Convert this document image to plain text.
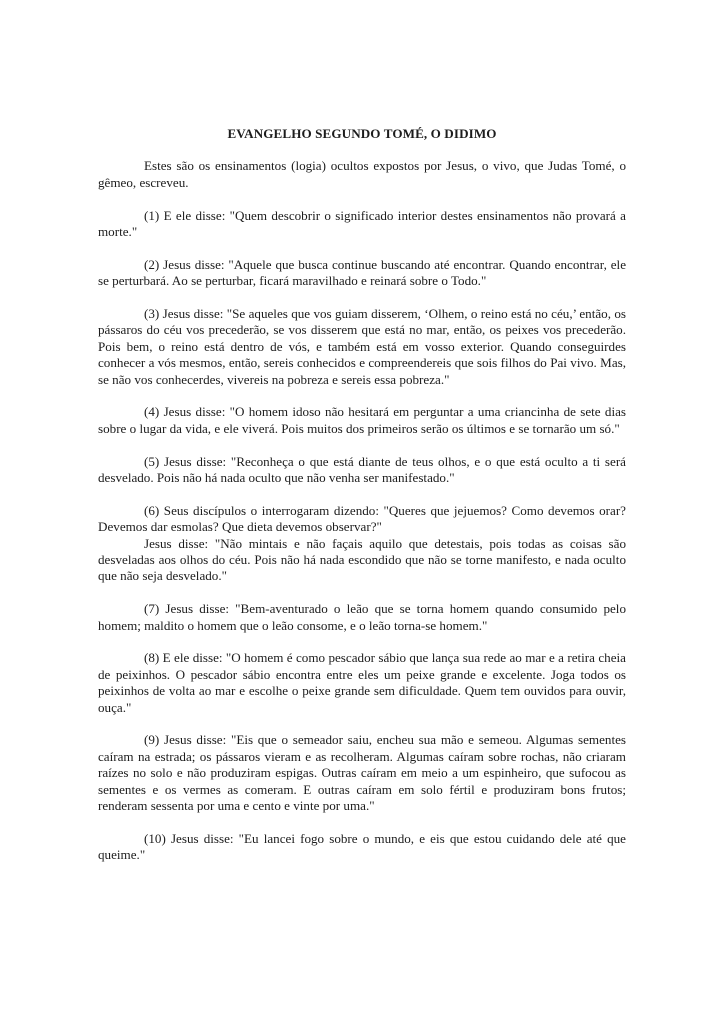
EVANGELHO SEGUNDO TOMÉ, O DIDIMO

Estes são os ensinamentos (logia) ocultos expostos por Jesus, o vivo, que Judas Tomé, o gêmeo, escreveu.

(1) E ele disse: "Quem descobrir o significado interior destes ensinamentos não provará a morte."

(2) Jesus disse: "Aquele que busca continue buscando até encontrar. Quando encontrar, ele se perturbará. Ao se perturbar, ficará maravilhado e reinará sobre o Todo."

(3) Jesus disse: "Se aqueles que vos guiam disserem, ‘Olhem, o reino está no céu,’ então, os pássaros do céu vos precederão, se vos disserem que está no mar, então, os peixes vos precederão. Pois bem, o reino está dentro de vós, e também está em vosso exterior. Quando conseguirdes conhecer a vós mesmos, então, sereis conhecidos e compreendereis que sois filhos do Pai vivo. Mas, se não vos conhecerdes, vivereis na pobreza e sereis essa pobreza."

(4) Jesus disse: "O homem idoso não hesitará em perguntar a uma criancinha de sete dias sobre o lugar da vida, e ele viverá. Pois muitos dos primeiros serão os últimos e se tornarão um só."

(5) Jesus disse: "Reconheça o que está diante de teus olhos, e o que está oculto a ti será desvelado. Pois não há nada oculto que não venha ser manifestado."

(6) Seus discípulos o interrogaram dizendo: "Queres que jejuemos? Como devemos orar? Devemos dar esmolas? Que dieta devemos observar?"

Jesus disse: "Não mintais e não façais aquilo que detestais, pois todas as coisas são desveladas aos olhos do céu. Pois não há nada escondido que não se torne manifesto, e nada oculto que não seja desvelado."

(7) Jesus disse: "Bem-aventurado o leão que se torna homem quando consumido pelo homem; maldito o homem que o leão consome, e o leão torna-se homem."

(8) E ele disse: "O homem é como pescador sábio que lança sua rede ao mar e a retira cheia de peixinhos. O pescador sábio encontra entre eles um peixe grande e excelente. Joga todos os peixinhos de volta ao mar e escolhe o peixe grande sem dificuldade. Quem tem ouvidos para ouvir, ouça."

(9) Jesus disse: "Eis que o semeador saiu, encheu sua mão e semeou. Algumas sementes caíram na estrada; os pássaros vieram e as recolheram. Algumas caíram sobre rochas, não criaram raízes no solo e não produziram espigas. Outras caíram em meio a um espinheiro, que sufocou as sementes e os vermes as comeram. E outras caíram em solo fértil e produziram bons frutos; renderam sessenta por uma e cento e vinte por uma."

(10) Jesus disse: "Eu lancei fogo sobre o mundo, e eis que estou cuidando dele até que queime."
